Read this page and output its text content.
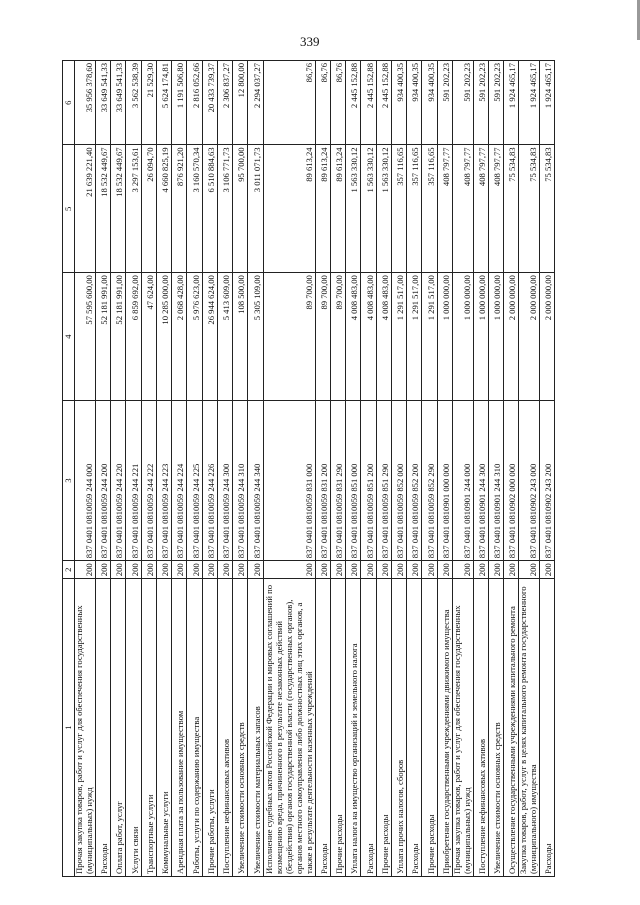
339
1	2	3	4	5	6
Прочая закупка товаров, работ и услуг для обеспечения государственных (муниципальных) нужд	200	837 0401 0810059 244 000	57 595 600,00	21 639 221,40	35 956 378,60
Расходы	200	837 0401 0810059 244 200	52 181 991,00	18 532 449,67	33 649 541,33
Оплата работ, услуг	200	837 0401 0810059 244 220	52 181 991,00	18 532 449,67	33 649 541,33
Услуги связи	200	837 0401 0810059 244 221	6 859 692,00	3 297 153,61	3 562 538,39
Транспортные услуги	200	837 0401 0810059 244 222	47 624,00	26 094,70	21 529,30
Коммунальные услуги	200	837 0401 0810059 244 223	10 285 000,00	4 660 825,19	5 624 174,81
Арендная плата за пользование имуществом	200	837 0401 0810059 244 224	2 068 428,00	876 921,20	1 191 506,80
Работы, услуги по содержанию имущества	200	837 0401 0810059 244 225	5 976 623,00	3 160 570,34	2 816 052,66
Прочие работы, услуги	200	837 0401 0810059 244 226	26 944 624,00	6 510 884,63	20 433 739,37
Поступление нефинансовых активов	200	837 0401 0810059 244 300	5 413 609,00	3 106 771,73	2 306 837,27
Увеличение стоимости основных средств	200	837 0401 0810059 244 310	108 500,00	95 700,00	12 800,00
Увеличение стоимости материальных запасов	200	837 0401 0810059 244 340	5 305 109,00	3 011 071,73	2 294 037,27
Исполнение судебных актов Российской Федерации и мировых соглашений по возмещению вреда, причиненного в результате незаконных действий (бездействия) органов государственной власти (государственных органов), органов местного самоуправления либо должностных лиц этих органов, а также в результате деятельности казенных учреждений	200	837 0401 0810059 831 000	89 700,00	89 613,24	86,76
Расходы	200	837 0401 0810059 831 200	89 700,00	89 613,24	86,76
Прочие расходы	200	837 0401 0810059 831 290	89 700,00	89 613,24	86,76
Уплата налога на имущество организаций и земельного налога	200	837 0401 0810059 851 000	4 008 483,00	1 563 330,12	2 445 152,88
Расходы	200	837 0401 0810059 851 200	4 008 483,00	1 563 330,12	2 445 152,88
Прочие расходы	200	837 0401 0810059 851 290	4 008 483,00	1 563 330,12	2 445 152,88
Уплата прочих налогов, сборов	200	837 0401 0810059 852 000	1 291 517,00	357 116,65	934 400,35
Расходы	200	837 0401 0810059 852 200	1 291 517,00	357 116,65	934 400,35
Прочие расходы	200	837 0401 0810059 852 290	1 291 517,00	357 116,65	934 400,35
Приобретение государственными учреждениями движимого имущества	200	837 0401 0810901 000 000	1 000 000,00	408 797,77	591 202,23
Прочая закупка товаров, работ и услуг для обеспечения государственных (муниципальных) нужд	200	837 0401 0810901 244 000	1 000 000,00	408 797,77	591 202,23
Поступление нефинансовых активов	200	837 0401 0810901 244 300	1 000 000,00	408 797,77	591 202,23
Увеличение стоимости основных средств	200	837 0401 0810901 244 310	1 000 000,00	408 797,77	591 202,23
Осуществление государственными учреждениями капитального ремонта	200	837 0401 0810902 000 000	2 000 000,00	75 534,83	1 924 465,17
Закупка товаров, работ, услуг в целях капитального ремонта государственного (муниципального) имущества	200	837 0401 0810902 243 000	2 000 000,00	75 534,83	1 924 465,17
Расходы	200	837 0401 0810902 243 200	2 000 000,00	75 534,83	1 924 465,17
